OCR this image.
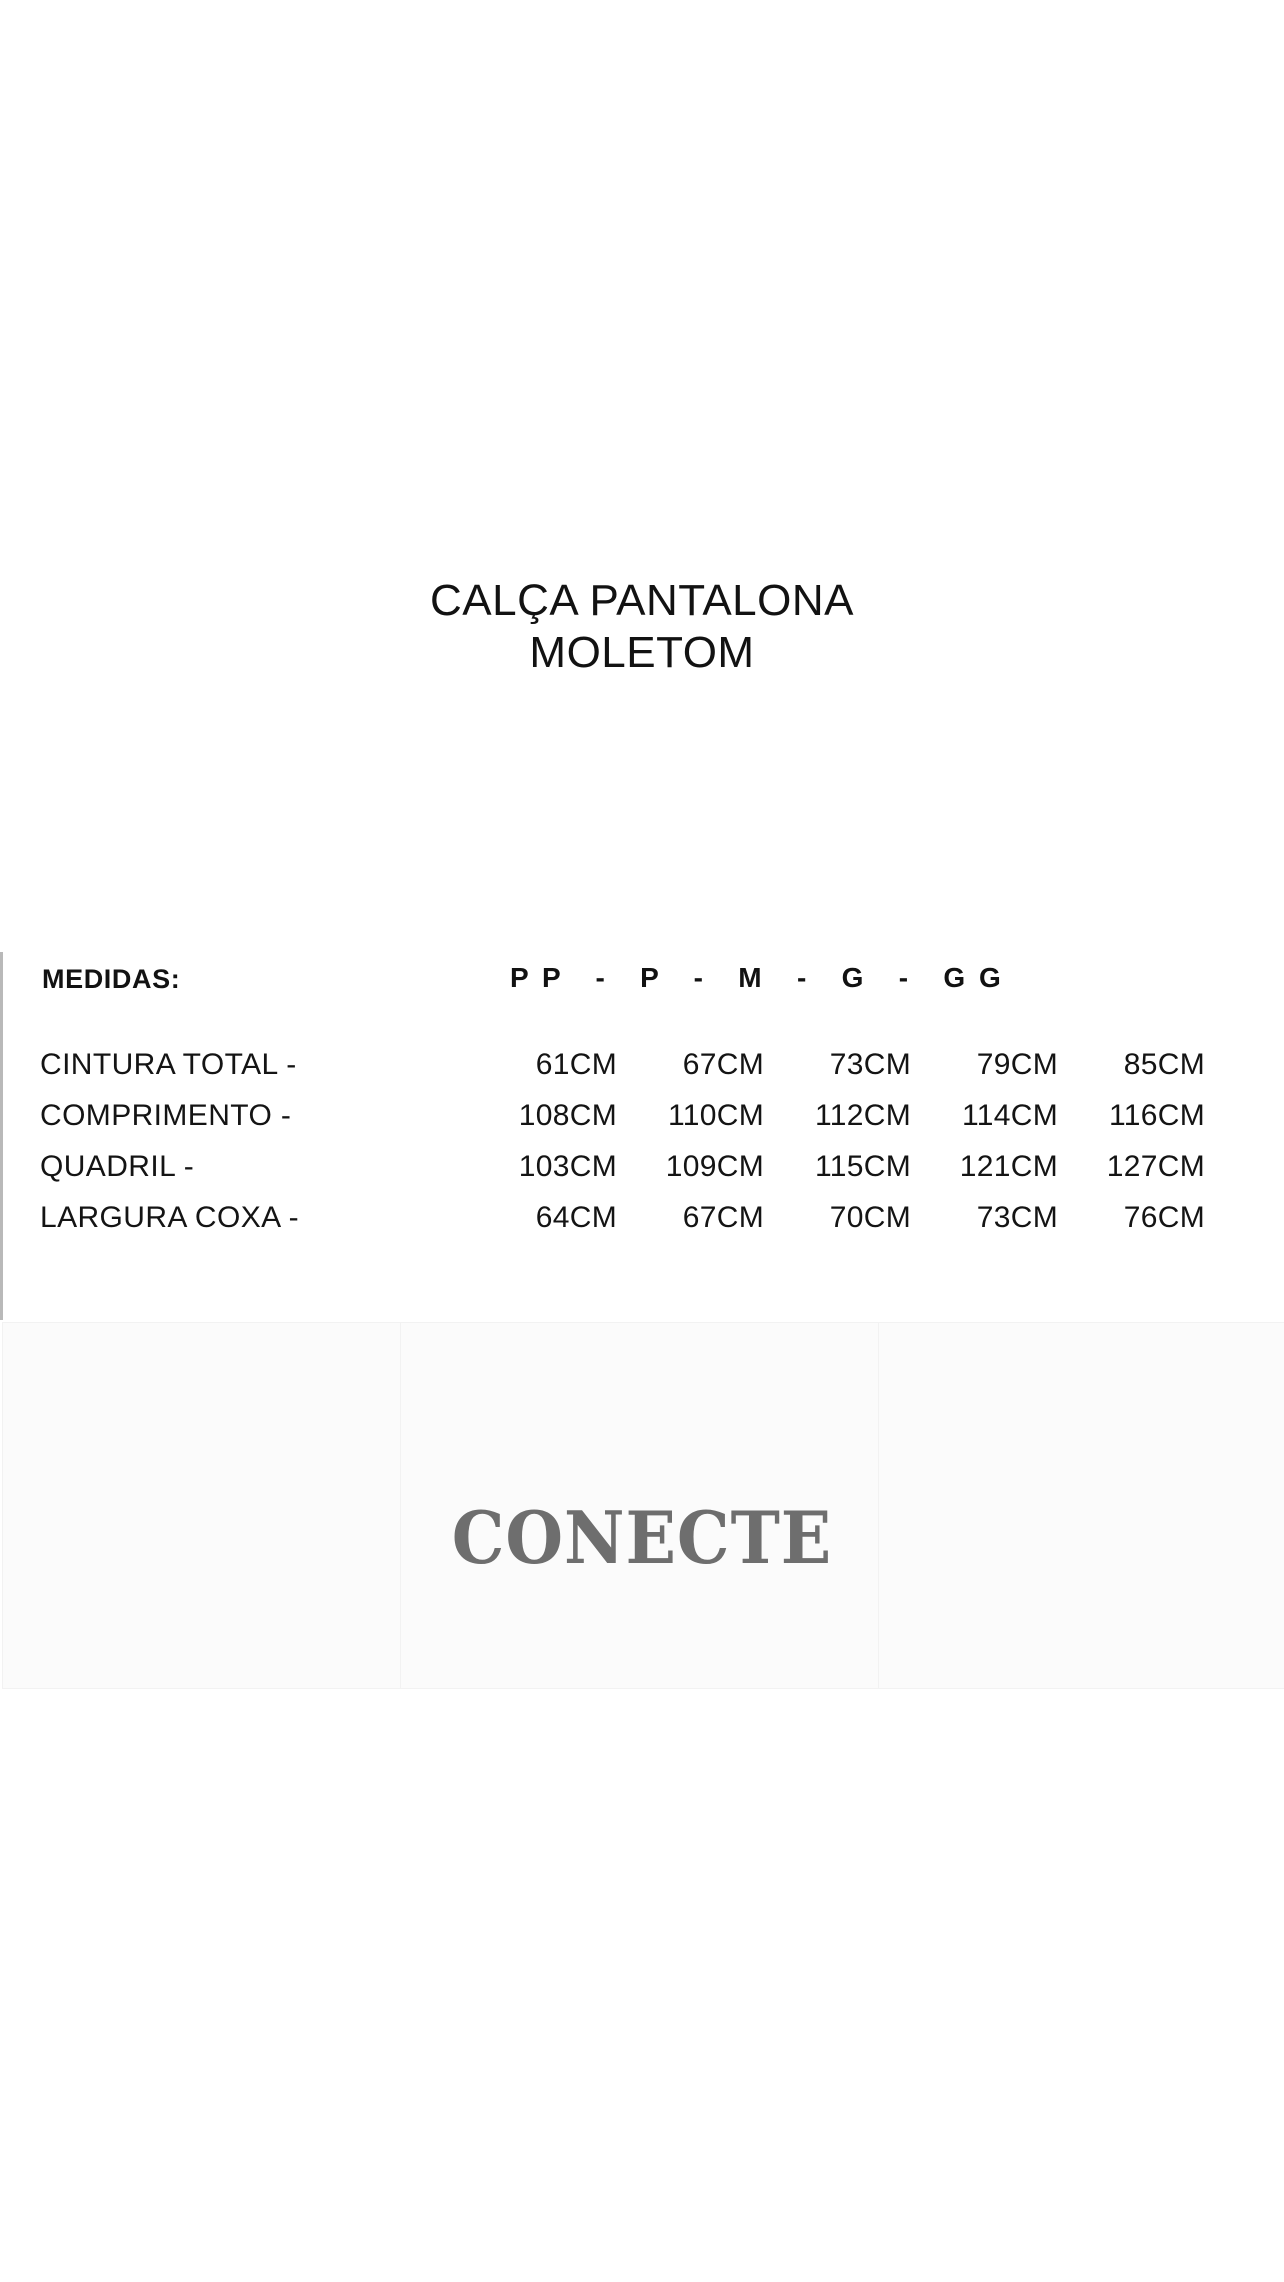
CALÇA PANTALONA
MOLETOM
MEDIDAS:	P P   -   P   -   M   -   G   -   G G
CINTURA TOTAL -	61CM	67CM	73CM	79CM	85CM
COMPRIMENTO -	108CM	110CM	112CM	114CM	116CM
QUADRIL -	103CM	109CM	115CM	121CM	127CM
LARGURA COXA -	64CM	67CM	70CM	73CM	76CM
CONECTE
